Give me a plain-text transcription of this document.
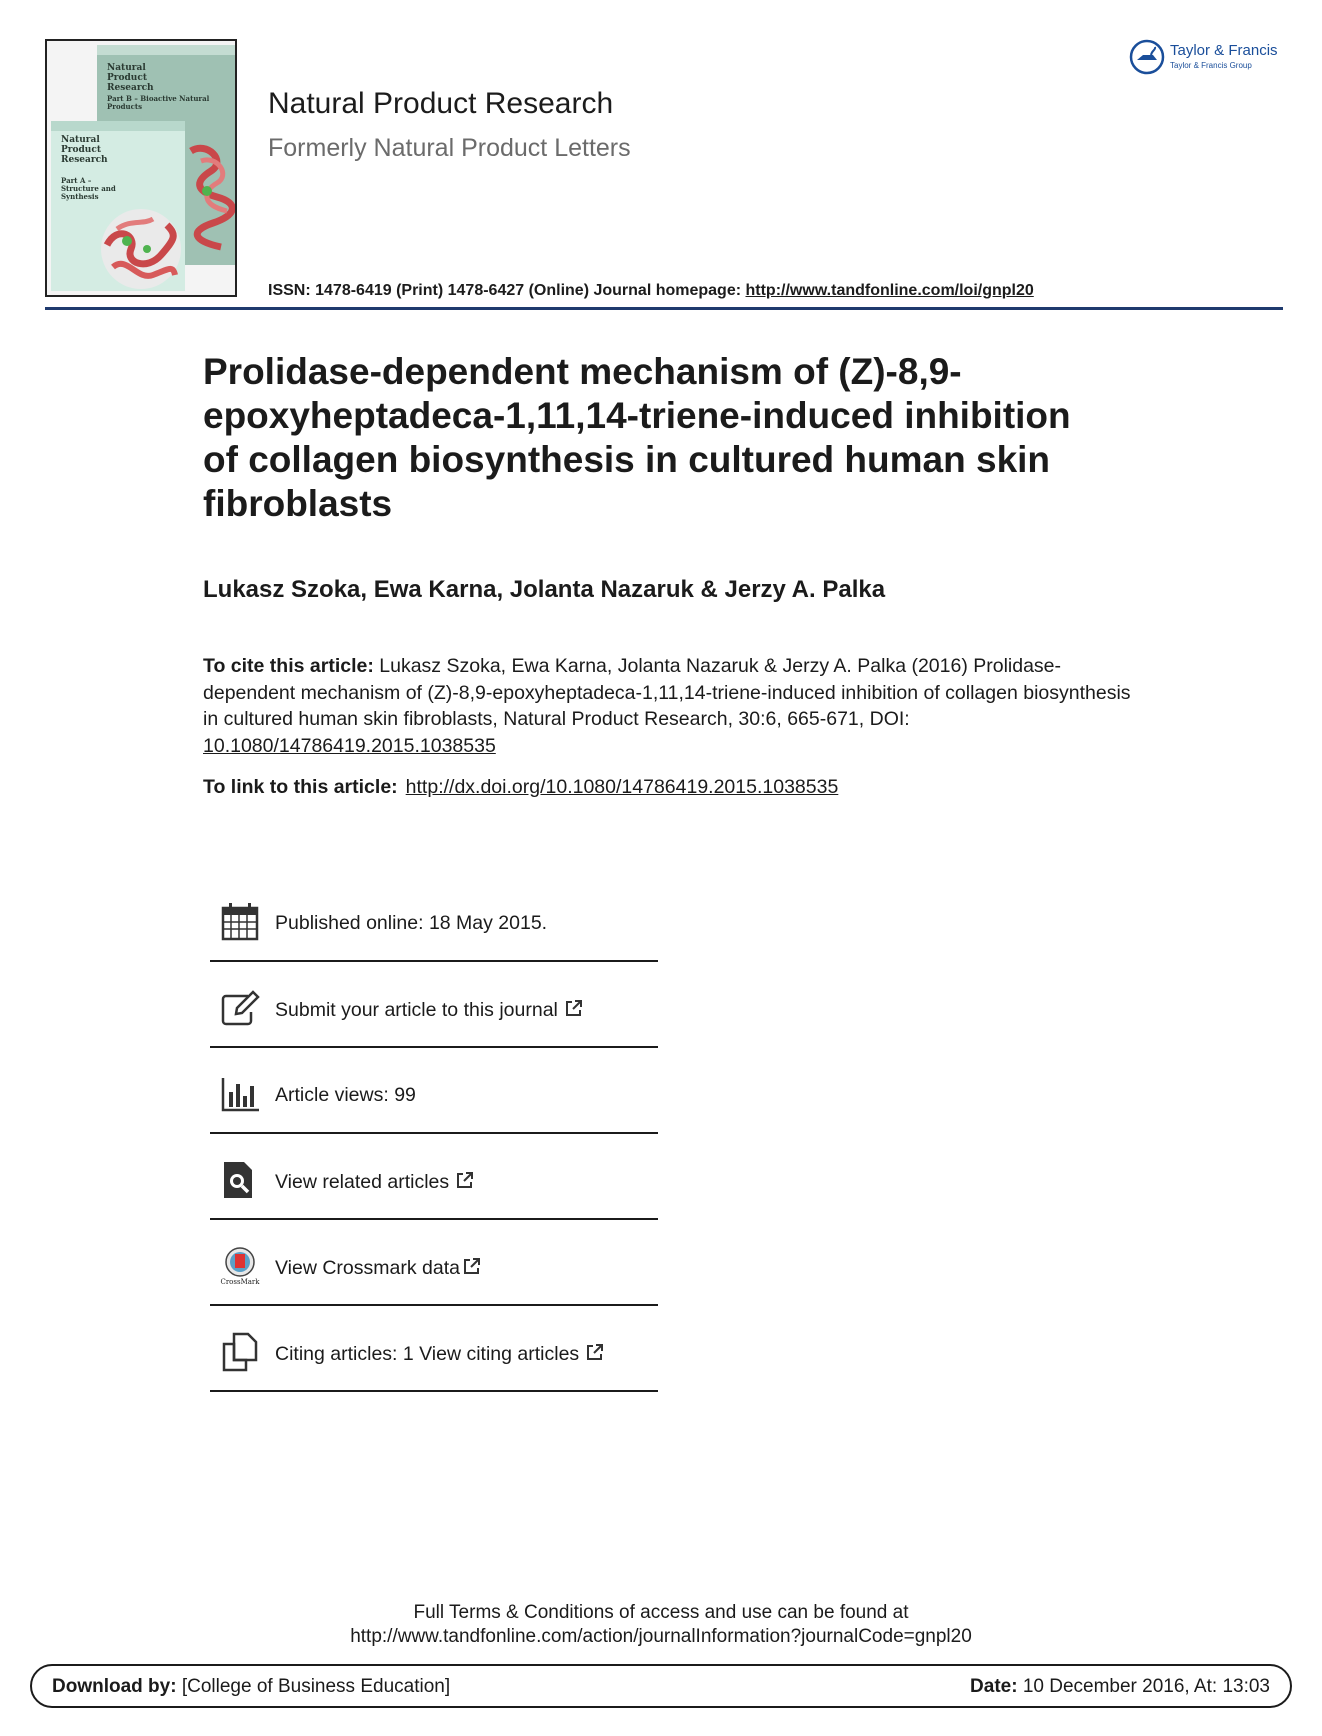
Natural Product Research
Part B – Bioactive Natural Products
Natural Product Research
Part A – Structure and Synthesis
Taylor & Francis
Taylor & Francis Group
Natural Product Research
Formerly Natural Product Letters
ISSN: 1478-6419 (Print) 1478-6427 (Online) Journal homepage: http://www.tandfonline.com/loi/gnpl20
Prolidase-dependent mechanism of (Z)-8,9-
epoxyheptadeca-1,11,14-triene-induced inhibition
of collagen biosynthesis in cultured human skin
fibroblasts
Lukasz Szoka, Ewa Karna, Jolanta Nazaruk & Jerzy A. Palka
To cite this article: Lukasz Szoka, Ewa Karna, Jolanta Nazaruk & Jerzy A. Palka (2016) Prolidase-dependent mechanism of (Z)-8,9-epoxyheptadeca-1,11,14-triene-induced inhibition of collagen biosynthesis in cultured human skin fibroblasts, Natural Product Research, 30:6, 665-671, DOI: 10.1080/14786419.2015.1038535
To link to this article: http://dx.doi.org/10.1080/14786419.2015.1038535
Published online: 18 May 2015.
Submit your article to this journal
Article views: 99
View related articles
CrossMark
View Crossmark data
Citing articles: 1 View citing articles
Full Terms & Conditions of access and use can be found at
http://www.tandfonline.com/action/journalInformation?journalCode=gnpl20
Download by: [College of Business Education]	Date: 10 December 2016, At: 13:03
